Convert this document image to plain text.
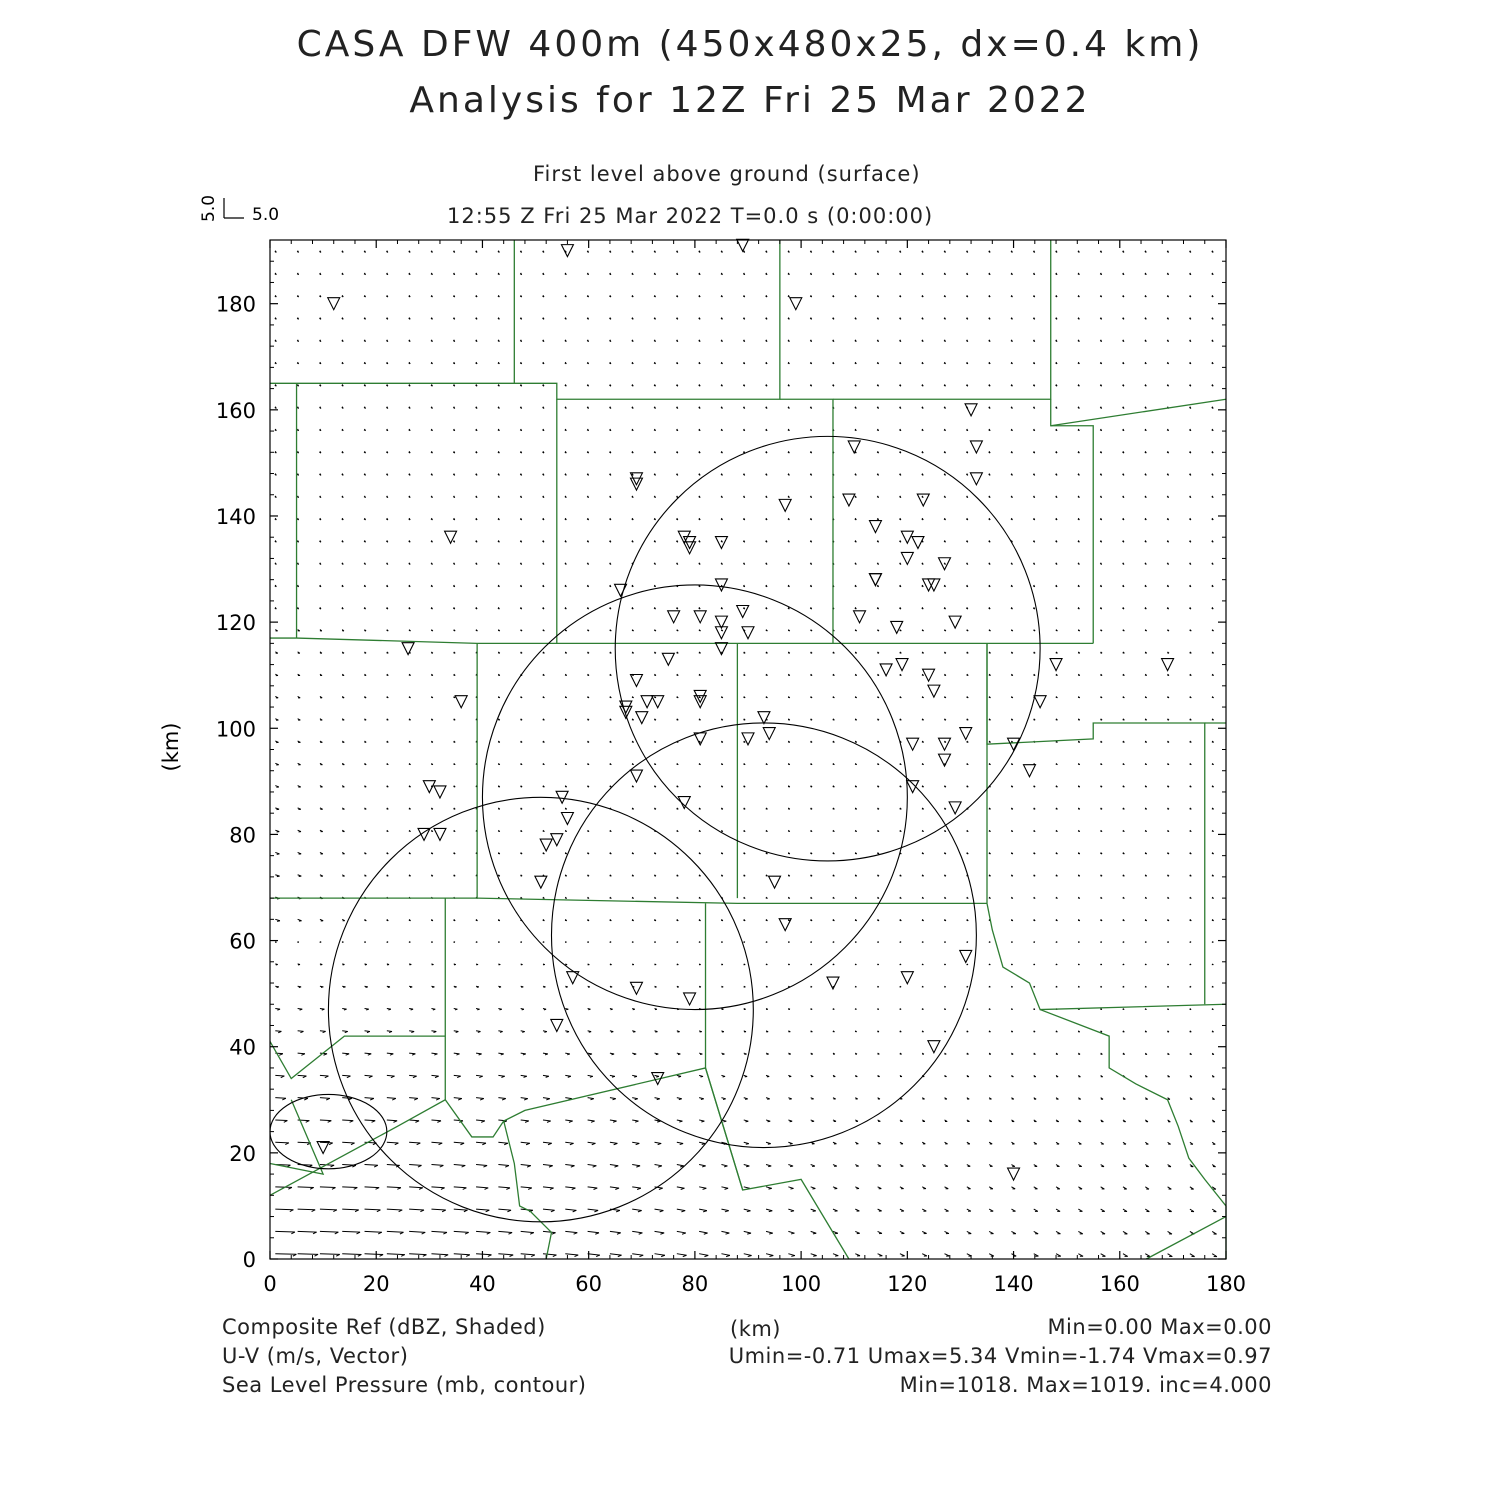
CASA DFW 400m (450x480x25, dx=0.4 km)
Analysis for 12Z Fri 25 Mar 2022
First level above ground (surface)
12:55 Z Fri 25 Mar 2022 T=0.0 s (0:00:00)
0	20	40	60	80	100	120	140	160	180
0
20
40
60
80
100
120
140
160
180
5.0
5.0
(km)
Composite Ref (dBZ, Shaded)	(km)	Min=0.00 Max=0.00
U-V (m/s, Vector)	Umin=-0.71 Umax=5.34 Vmin=-1.74 Vmax=0.97
Sea Level Pressure (mb, contour)	Min=1018. Max=1019. inc=4.000
